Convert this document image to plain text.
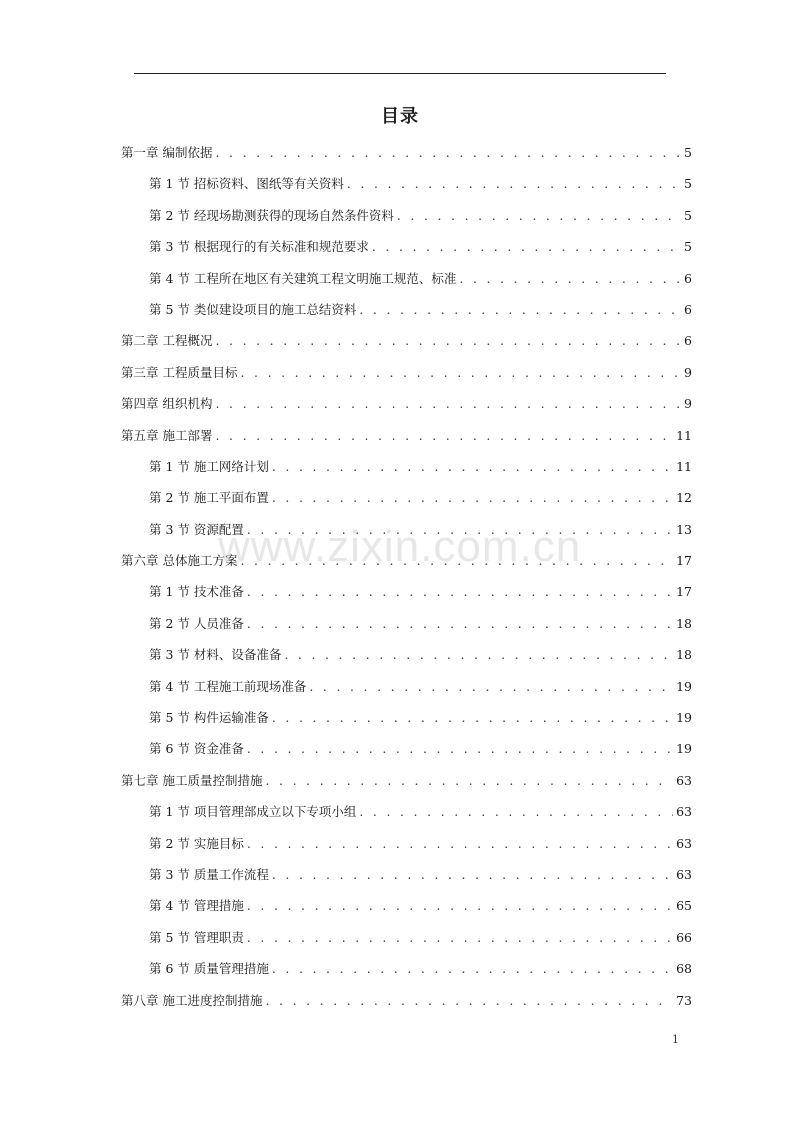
目录
第一章 编制依据 . . .	5
第 1 节 招标资料、图纸等有关资料 . . .	5
第 2 节 经现场勘测获得的现场自然条件资料 . . .	5
第 3 节 根据现行的有关标准和规范要求 . . .	5
第 4 节 工程所在地区有关建筑工程文明施工规范、标准 . . .	6
第 5 节 类似建设项目的施工总结资料 . . .	6
第二章 工程概况 . . .	6
第三章 工程质量目标 . . .	9
第四章 组织机构 . . .	9
第五章 施工部署 . . .	11
第 1 节 施工网络计划 . . .	11
第 2 节 施工平面布置 . . .	12
第 3 节 资源配置 . . .	13
第六章 总体施工方案 . . .	17
第 1 节 技术准备 . . .	17
第 2 节 人员准备 . . .	18
第 3 节 材料、设备准备 . . .	18
第 4 节 工程施工前现场准备 . . .	19
第 5 节 构件运输准备 . . .	19
第 6 节 资金准备 . . .	19
第七章 施工质量控制措施 . . .	63
第 1 节 项目管理部成立以下专项小组 . . .	63
第 2 节 实施目标 . . .	63
第 3 节 质量工作流程 . . .	63
第 4 节 管理措施 . . .	65
第 5 节 管理职责 . . .	66
第 6 节 质量管理措施 . . .	68
第八章 施工进度控制措施 . . .	73
www.zixin.com.cn
1
